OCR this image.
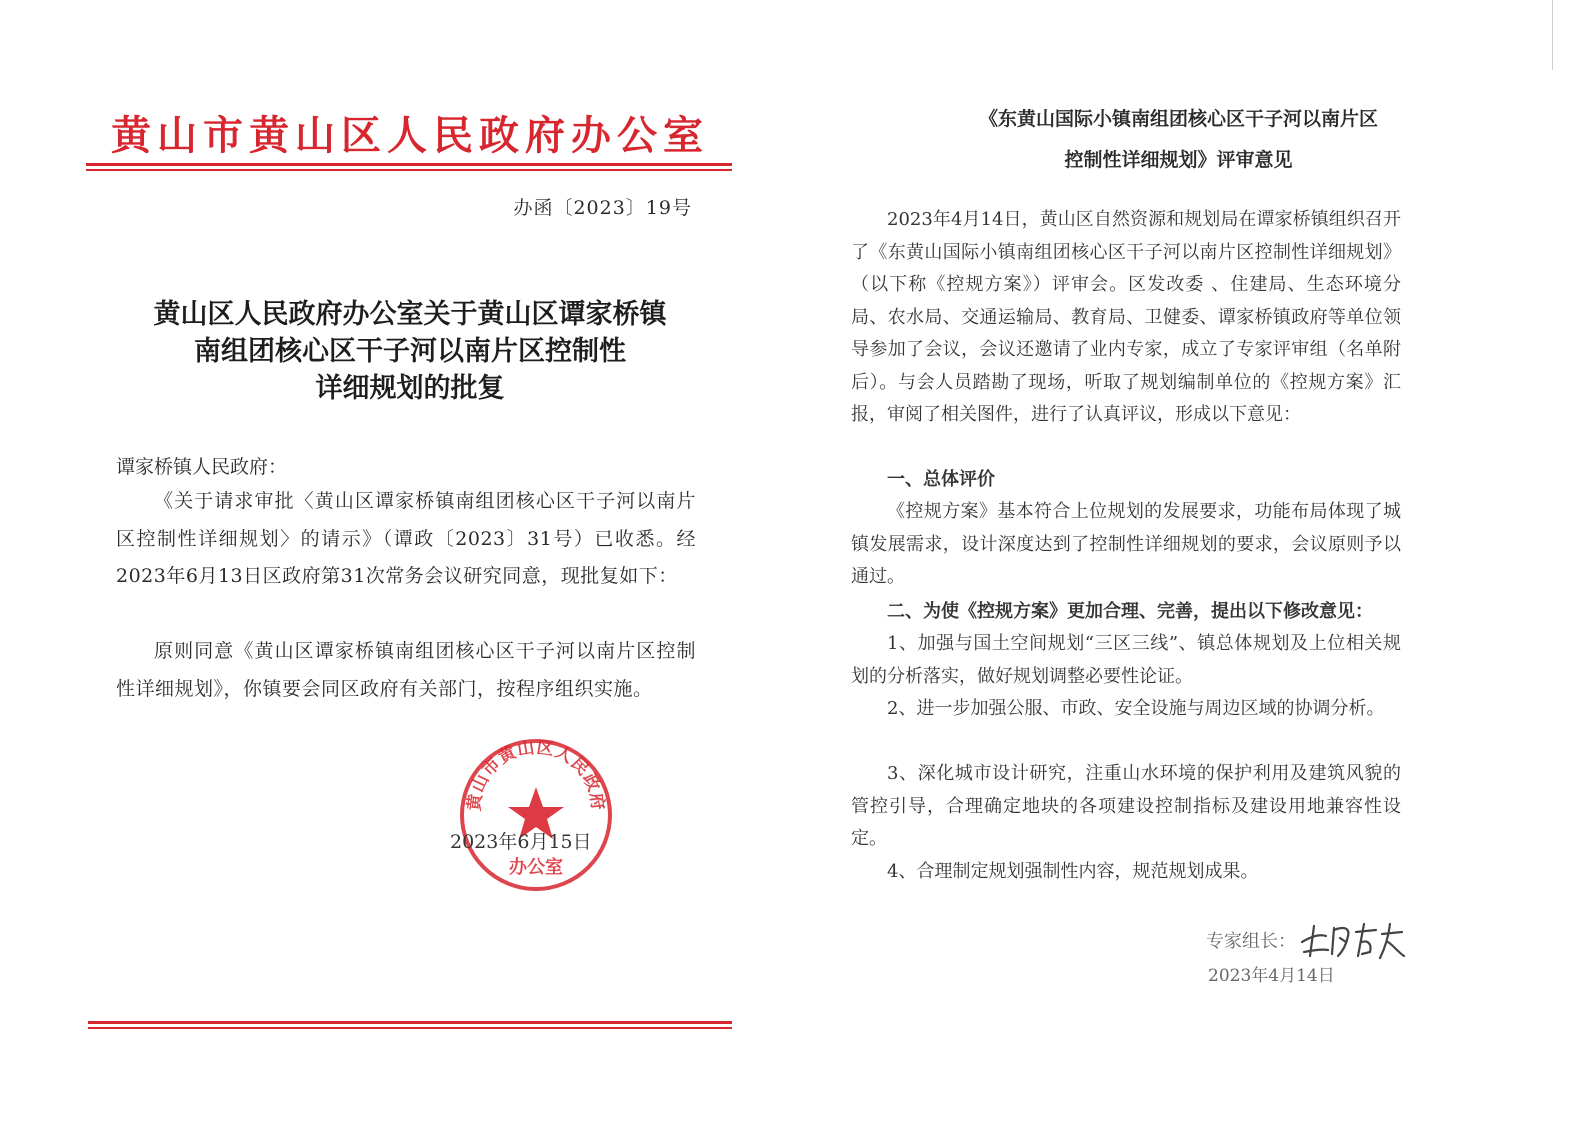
黄山市黄山区人民政府办公室
办函〔2023〕19号
黄山区人民政府办公室关于黄山区谭家桥镇
南组团核心区干子河以南片区控制性
详细规划的批复
谭家桥镇人民政府：
《关于请求审批〈黄山区谭家桥镇南组团核心区干子河以南片区控制性详细规划〉的请示》（谭政〔2023〕31号）已收悉。经2023年6月13日区政府第31次常务会议研究同意，现批复如下：
原则同意《黄山区谭家桥镇南组团核心区干子河以南片区控制性详细规划》，你镇要会同区政府有关部门，按程序组织实施。
黄山市黄山区人民政府
办公室
2023年6月15日
《东黄山国际小镇南组团核心区干子河以南片区
控制性详细规划》评审意见
2023年4月14日，黄山区自然资源和规划局在谭家桥镇组织召开了《东黄山国际小镇南组团核心区干子河以南片区控制性详细规划》（以下称《控规方案》）评审会。区发改委 、住建局、生态环境分局、农水局、交通运输局、教育局、卫健委、谭家桥镇政府等单位领导参加了会议，会议还邀请了业内专家，成立了专家评审组（名单附后）。与会人员踏勘了现场，听取了规划编制单位的《控规方案》汇报，审阅了相关图件，进行了认真评议，形成以下意见：
一、总体评价
《控规方案》基本符合上位规划的发展要求，功能布局体现了城镇发展需求，设计深度达到了控制性详细规划的要求，会议原则予以通过。
二、为使《控规方案》更加合理、完善，提出以下修改意见：
1、加强与国土空间规划“三区三线”、镇总体规划及上位相关规划的分析落实，做好规划调整必要性论证。
2、进一步加强公服、市政、安全设施与周边区域的协调分析。
3、深化城市设计研究，注重山水环境的保护利用及建筑风貌的管控引导，合理确定地块的各项建设控制指标及建设用地兼容性设定。
4、合理制定规划强制性内容，规范规划成果。
专家组长：
2023年4月14日
